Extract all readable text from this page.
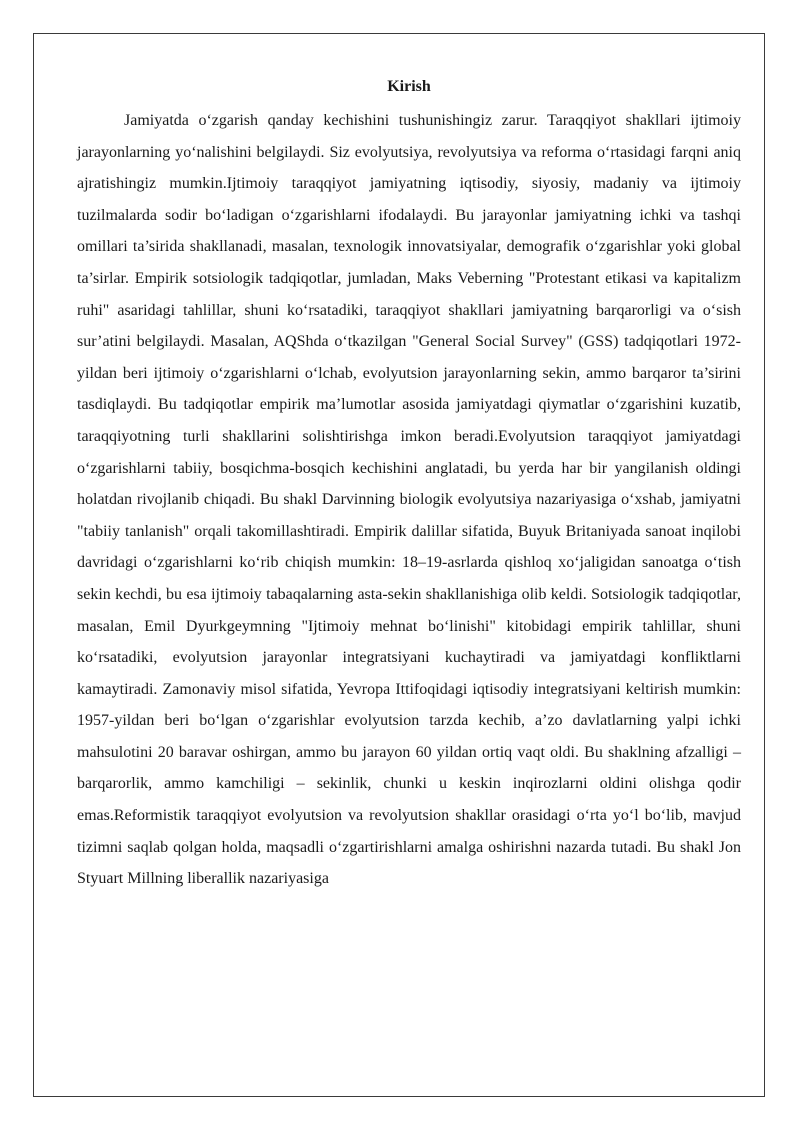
Kirish

Jamiyatda o‘zgarish qanday kechishini tushunishingiz zarur. Taraqqiyot shakllari ijtimoiy jarayonlarning yo‘nalishini belgilaydi. Siz evolyutsiya, revolyutsiya va reforma o‘rtasidagi farqni aniq ajratishingiz mumkin.Ijtimoiy taraqqiyot jamiyatning iqtisodiy, siyosiy, madaniy va ijtimoiy tuzilmalarda sodir bo‘ladigan o‘zgarishlarni ifodalaydi. Bu jarayonlar jamiyatning ichki va tashqi omillari ta’sirida shakllanadi, masalan, texnologik innovatsiyalar, demografik o‘zgarishlar yoki global ta’sirlar. Empirik sotsiologik tadqiqotlar, jumladan, Maks Veberning "Protestant etikasi va kapitalizm ruhi" asaridagi tahlillar, shuni ko‘rsatadiki, taraqqiyot shakllari jamiyatning barqarorligi va o‘sish sur’atini belgilaydi. Masalan, AQShda o‘tkazilgan "General Social Survey" (GSS) tadqiqotlari 1972-yildan beri ijtimoiy o‘zgarishlarni o‘lchab, evolyutsion jarayonlarning sekin, ammo barqaror ta’sirini tasdiqlaydi. Bu tadqiqotlar empirik ma’lumotlar asosida jamiyatdagi qiymatlar o‘zgarishini kuzatib, taraqqiyotning turli shakllarini solishtirishga imkon beradi.Evolyutsion taraqqiyot jamiyatdagi o‘zgarishlarni tabiiy, bosqichma-bosqich kechishini anglatadi, bu yerda har bir yangilanish oldingi holatdan rivojlanib chiqadi. Bu shakl Darvinning biologik evolyutsiya nazariyasiga o‘xshab, jamiyatni "tabiiy tanlanish" orqali takomillashtiradi. Empirik dalillar sifatida, Buyuk Britaniyada sanoat inqilobi davridagi o‘zgarishlarni ko‘rib chiqish mumkin: 18–19-asrlarda qishloq xo‘jaligidan sanoatga o‘tish sekin kechdi, bu esa ijtimoiy tabaqalarning asta-sekin shakllanishiga olib keldi. Sotsiologik tadqiqotlar, masalan, Emil Dyurkgeymning "Ijtimoiy mehnat bo‘linishi" kitobidagi empirik tahlillar, shuni ko‘rsatadiki, evolyutsion jarayonlar integratsiyani kuchaytiradi va jamiyatdagi konfliktlarni kamaytiradi. Zamonaviy misol sifatida, Yevropa Ittifoqidagi iqtisodiy integratsiyani keltirish mumkin: 1957-yildan beri bo‘lgan o‘zgarishlar evolyutsion tarzda kechib, a’zo davlatlarning yalpi ichki mahsulotini 20 baravar oshirgan, ammo bu jarayon 60 yildan ortiq vaqt oldi. Bu shaklning afzalligi – barqarorlik, ammo kamchiligi – sekinlik, chunki u keskin inqirozlarni oldini olishga qodir emas.Reformistik taraqqiyot evolyutsion va revolyutsion shakllar orasidagi o‘rta yo‘l bo‘lib, mavjud tizimni saqlab qolgan holda, maqsadli o‘zgartirishlarni amalga oshirishni nazarda tutadi. Bu shakl Jon Styuart Millning liberallik nazariyasiga
